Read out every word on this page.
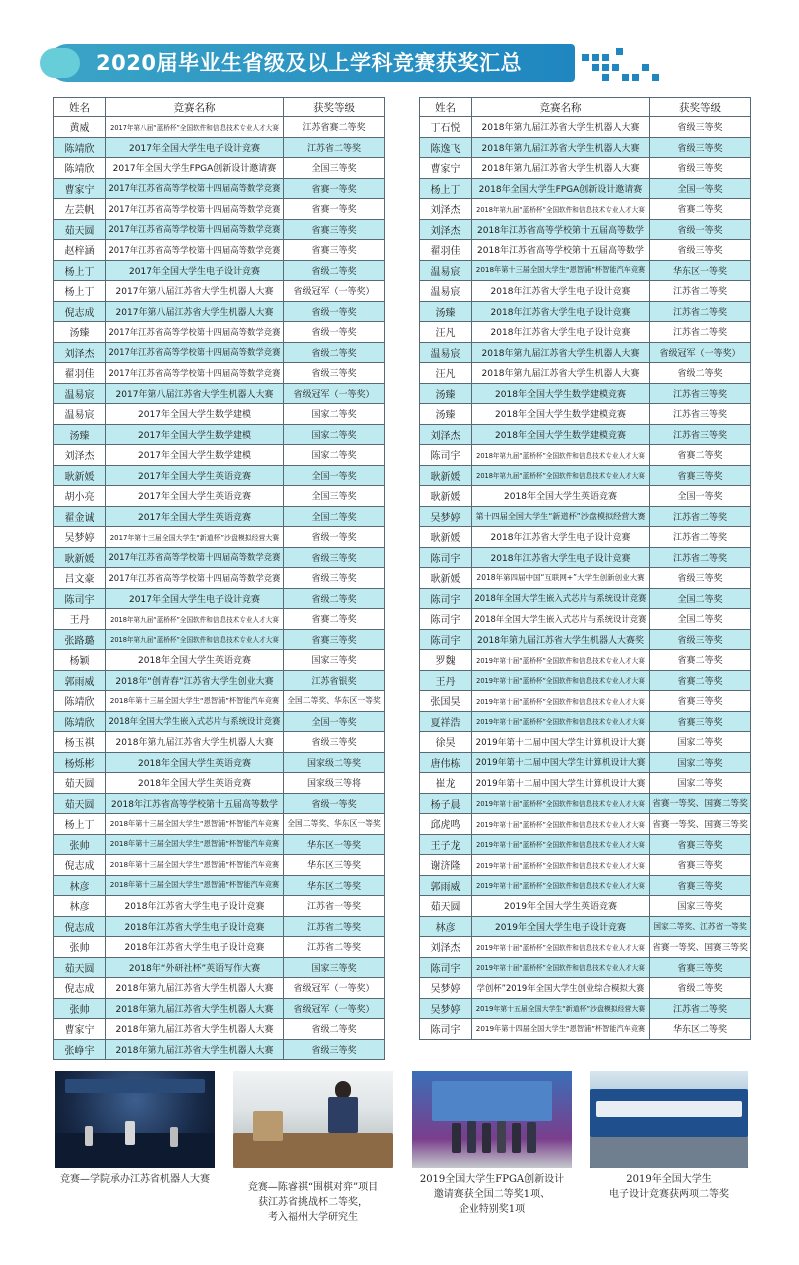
2020届毕业生省级及以上学科竞赛获奖汇总
姓名	竞赛名称	获奖等级
黄威	2017年第八届“蓝桥杯”全国软件和信息技术专业人才大赛	江苏省赛二等奖
陈靖欣	2017年全国大学生电子设计竞赛	江苏省二等奖
陈靖欣	2017年全国大学生FPGA创新设计邀请赛	全国三等奖
曹家宁	2017年江苏省高等学校第十四届高等数学竞赛	省赛一等奖
左芸帆	2017年江苏省高等学校第十四届高等数学竞赛	省赛一等奖
茹天圆	2017年江苏省高等学校第十四届高等数学竞赛	省赛三等奖
赵梓涵	2017年江苏省高等学校第十四届高等数学竞赛	省赛三等奖
杨上丁	2017年全国大学生电子设计竞赛	省级二等奖
杨上丁	2017年第八届江苏省大学生机器人大赛	省级冠军（一等奖）
倪志成	2017年第八届江苏省大学生机器人大赛	省级一等奖
汤臻	2017年江苏省高等学校第十四届高等数学竞赛	省级一等奖
刘泽杰	2017年江苏省高等学校第十四届高等数学竞赛	省级二等奖
翟羽佳	2017年江苏省高等学校第十四届高等数学竞赛	省级三等奖
温易宸	2017年第八届江苏省大学生机器人大赛	省级冠军（一等奖）
温易宸	2017年全国大学生数学建模	国家二等奖
汤臻	2017年全国大学生数学建模	国家二等奖
刘泽杰	2017年全国大学生数学建模	国家二等奖
耿新媛	2017年全国大学生英语竞赛	全国一等奖
胡小亮	2017年全国大学生英语竞赛	全国三等奖
翟金诚	2017年全国大学生英语竞赛	全国二等奖
吴梦婷	2017年第十三届全国大学生“新道杯”沙盘模拟经营大赛	省级一等奖
耿新媛	2017年江苏省高等学校第十四届高等数学竞赛	省级三等奖
吕文豪	2017年江苏省高等学校第十四届高等数学竞赛	省级三等奖
陈司宇	2017年全国大学生电子设计竞赛	省级二等奖
王丹	2018年第九届“蓝桥杯”全国软件和信息技术专业人才大赛	省赛二等奖
张路璐	2018年第九届“蓝桥杯”全国软件和信息技术专业人才大赛	省赛三等奖
杨颖	2018年全国大学生英语竞赛	国家三等奖
郭雨威	2018年“创青春”江苏省大学生创业大赛	江苏省银奖
陈靖欣	2018年第十三届全国大学生“恩智浦”杯智能汽车竞赛	全国二等奖、华东区一等奖
陈靖欣	2018年全国大学生嵌入式芯片与系统设计竞赛	全国一等奖
杨玉祺	2018年第九届江苏省大学生机器人大赛	省级三等奖
杨烁彬	2018年全国大学生英语竞赛	国家级二等奖
茹天圆	2018年全国大学生英语竞赛	国家级三等将
茹天圆	2018年江苏省高等学校第十五届高等数学	省级一等奖
杨上丁	2018年第十三届全国大学生“恩智浦”杯智能汽车竞赛	全国二等奖、华东区一等奖
张帅	2018年第十三届全国大学生“恩智浦”杯智能汽车竞赛	华东区一等奖
倪志成	2018年第十三届全国大学生“恩智浦”杯智能汽车竞赛	华东区三等奖
林彦	2018年第十三届全国大学生“恩智浦”杯智能汽车竞赛	华东区二等奖
林彦	2018年江苏省大学生电子设计竞赛	江苏省一等奖
倪志成	2018年江苏省大学生电子设计竞赛	江苏省二等奖
张帅	2018年江苏省大学生电子设计竞赛	江苏省二等奖
茹天圆	2018年“外研社杯”英语写作大赛	国家三等奖
倪志成	2018年第九届江苏省大学生机器人大赛	省级冠军（一等奖）
张帅	2018年第九届江苏省大学生机器人大赛	省级冠军（一等奖）
曹家宁	2018年第九届江苏省大学生机器人大赛	省级二等奖
张峥宇	2018年第九届江苏省大学生机器人大赛	省级三等奖
姓名	竞赛名称	获奖等级
丁石悦	2018年第九届江苏省大学生机器人大赛	省级三等奖
陈逸飞	2018年第九届江苏省大学生机器人大赛	省级三等奖
曹家宁	2018年第九届江苏省大学生机器人大赛	省级三等奖
杨上丁	2018年全国大学生FPGA创新设计邀请赛	全国一等奖
刘泽杰	2018年第九届“蓝桥杯”全国软件和信息技术专业人才大赛	省赛二等奖
刘泽杰	2018年江苏省高等学校第十五届高等数学	省级一等奖
翟羽佳	2018年江苏省高等学校第十五届高等数学	省级三等奖
温易宸	2018年第十三届全国大学生“恩智浦”杯智能汽车竞赛	华东区一等奖
温易宸	2018年江苏省大学生电子设计竞赛	江苏省二等奖
汤臻	2018年江苏省大学生电子设计竞赛	江苏省二等奖
汪凡	2018年江苏省大学生电子设计竞赛	江苏省二等奖
温易宸	2018年第九届江苏省大学生机器人大赛	省级冠军（一等奖）
汪凡	2018年第九届江苏省大学生机器人大赛	省级二等奖
汤臻	2018年全国大学生数学建模竞赛	江苏省三等奖
汤臻	2018年全国大学生数学建模竞赛	江苏省三等奖
刘泽杰	2018年全国大学生数学建模竞赛	江苏省三等奖
陈司宇	2018年第九届“蓝桥杯”全国软件和信息技术专业人才大赛	省赛二等奖
耿新媛	2018年第九届“蓝桥杯”全国软件和信息技术专业人才大赛	省赛三等奖
耿新媛	2018年全国大学生英语竞赛	全国一等奖
吴梦婷	第十四届全国大学生“新道杯”沙盘模拟经营大赛	江苏省二等奖
耿新媛	2018年江苏省大学生电子设计竞赛	江苏省二等奖
陈司宇	2018年江苏省大学生电子设计竞赛	江苏省二等奖
耿新媛	2018年第四届中国“互联网+”大学生创新创业大赛	省级三等奖
陈司宇	2018年全国大学生嵌入式芯片与系统设计竞赛	全国二等奖
陈司宇	2018年全国大学生嵌入式芯片与系统设计竞赛	全国二等奖
陈司宇	2018年第九届江苏省大学生机器人大赛奖	省级三等奖
罗魏	2019年第十届“蓝桥杯”全国软件和信息技术专业人才大赛	省赛二等奖
王丹	2019年第十届“蓝桥杯”全国软件和信息技术专业人才大赛	省赛二等奖
张国昊	2019年第十届“蓝桥杯”全国软件和信息技术专业人才大赛	省赛三等奖
夏祥浩	2019年第十届“蓝桥杯”全国软件和信息技术专业人才大赛	省赛三等奖
徐昊	2019年第十二届中国大学生计算机设计大赛	国家二等奖
唐伟栋	2019年第十二届中国大学生计算机设计大赛	国家二等奖
崔龙	2019年第十二届中国大学生计算机设计大赛	国家二等奖
杨子晨	2019年第十届“蓝桥杯”全国软件和信息技术专业人才大赛	省赛一等奖、国赛二等奖
邱虎鸣	2019年第十届“蓝桥杯”全国软件和信息技术专业人才大赛	省赛一等奖、国赛三等奖
王子龙	2019年第十届“蓝桥杯”全国软件和信息技术专业人才大赛	省赛三等奖
谢济隆	2019年第十届“蓝桥杯”全国软件和信息技术专业人才大赛	省赛三等奖
郭雨威	2019年第十届“蓝桥杯”全国软件和信息技术专业人才大赛	省赛三等奖
茹天圆	2019年全国大学生英语竞赛	国家三等奖
林彦	2019年全国大学生电子设计竞赛	国家二等奖、江苏省一等奖
刘泽杰	2019年第十届“蓝桥杯”全国软件和信息技术专业人才大赛	省赛一等奖、国赛三等奖
陈司宇	2019年第十届“蓝桥杯”全国软件和信息技术专业人才大赛	省赛三等奖
吴梦婷	学创杯”2019年全国大学生创业综合模拟大赛	省级二等奖
吴梦婷	2019年第十五届全国大学生“新道杯”沙盘模拟经营大赛	江苏省二等奖
陈司宇	2019年第十四届全国大学生“恩智浦”杯智能汽车竞赛	华东区二等奖
竞赛—学院承办江苏省机器人大赛
竞赛—陈睿祺“围棋对弈”项目
获江苏省挑战杯二等奖，
考入福州大学研究生
2019全国大学生FPGA创新设计
邀请赛获全国二等奖1项、
企业特别奖1项
2019年全国大学生
电子设计竞赛获两项二等奖
